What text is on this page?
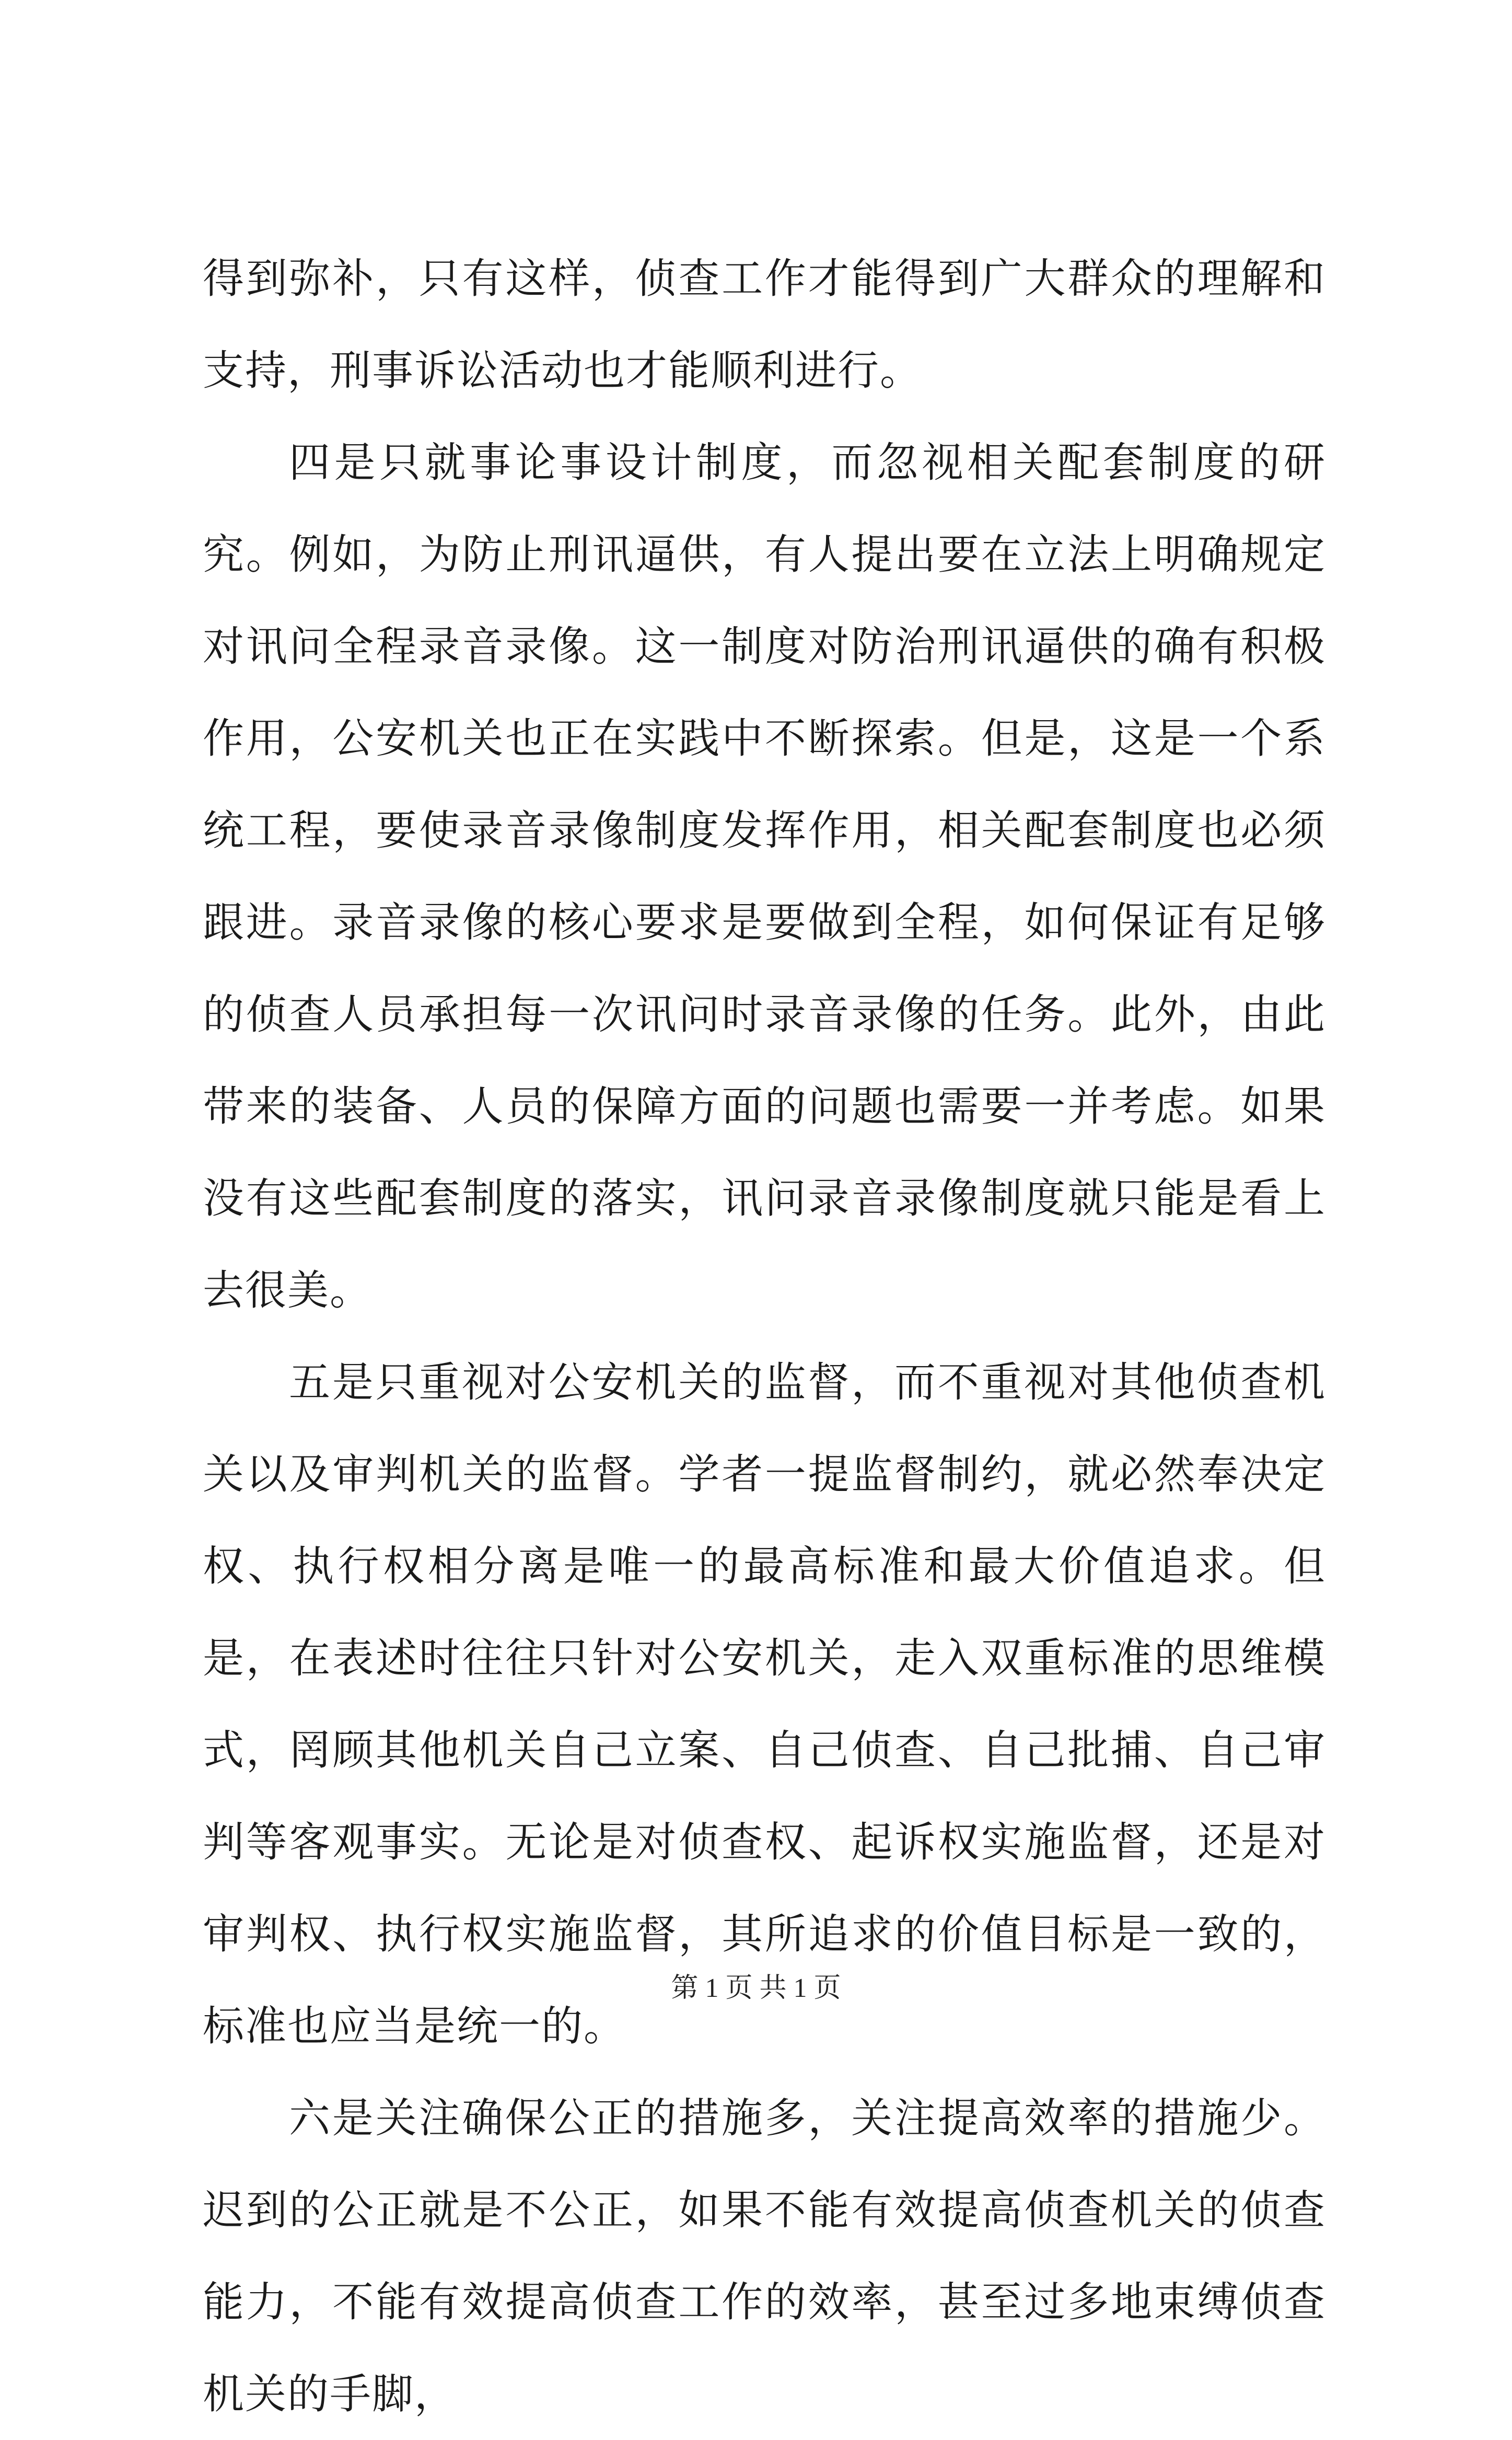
得到弥补，只有这样，侦查工作才能得到广大群众的理解和支持，刑事诉讼活动也才能顺利进行。

四是只就事论事设计制度，而忽视相关配套制度的研究。例如，为防止刑讯逼供，有人提出要在立法上明确规定对讯问全程录音录像。这一制度对防治刑讯逼供的确有积极作用，公安机关也正在实践中不断探索。但是，这是一个系统工程，要使录音录像制度发挥作用，相关配套制度也必须跟进。录音录像的核心要求是要做到全程，如何保证有足够的侦查人员承担每一次讯问时录音录像的任务。此外，由此带来的装备、人员的保障方面的问题也需要一并考虑。如果没有这些配套制度的落实，讯问录音录像制度就只能是看上去很美。

五是只重视对公安机关的监督，而不重视对其他侦查机关以及审判机关的监督。学者一提监督制约，就必然奉决定权、执行权相分离是唯一的最高标准和最大价值追求。但是，在表述时往往只针对公安机关，走入双重标准的思维模式，罔顾其他机关自己立案、自己侦查、自己批捕、自己审判等客观事实。无论是对侦查权、起诉权实施监督，还是对审判权、执行权实施监督，其所追求的价值目标是一致的，标准也应当是统一的。

六是关注确保公正的措施多，关注提高效率的措施少。迟到的公正就是不公正，如果不能有效提高侦查机关的侦查能力，不能有效提高侦查工作的效率，甚至过多地束缚侦查机关的手脚，

第 1 页 共 1 页
